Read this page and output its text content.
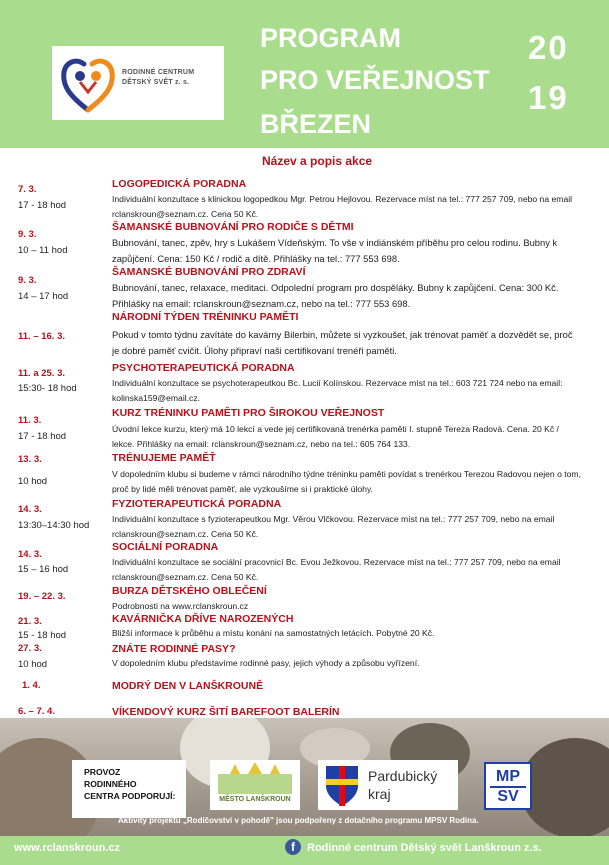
RODINNÉ CENTRUM
DĚTSKÝ SVĚT z. s.
PROGRAM
PRO VEŘEJNOST
BŘEZEN
20
19
Název a popis akce
7. 3.
17 - 18 hod
LOGOPEDICKÁ PORADNA
Individuální konzultace s klinickou logopedkou Mgr. Petrou Hejlovou. Rezervace míst na tel.: 777 257 709, nebo na email rclanskroun@seznam.cz. Cena 50 Kč.
9. 3.
10 – 11 hod
ŠAMANSKÉ BUBNOVÁNÍ PRO RODIČE S DĚTMI
Bubnování, tanec, zpěv, hry s Lukášem Vídeňským. To vše v indiánském příběhu pro celou rodinu. Bubny k zapůjčení. Cena: 150 Kč / rodič a dítě. Přihlášky na tel.: 777 553 698.
9. 3.
14 – 17 hod
ŠAMANSKÉ BUBNOVÁNÍ PRO ZDRAVÍ
Bubnování, tanec, relaxace, meditaci. Odpolední program pro dospěláky. Bubny k zapůjčení. Cena: 300 Kč. Přihlášky na email: rclanskroun@seznam.cz, nebo na tel.: 777 553 698.
11. – 16. 3.
NÁRODNÍ TÝDEN TRÉNINKU PAMĚTI
Pokud v tomto týdnu zavítáte do kavárny Bilerbin, můžete si vyzkoušet, jak trénovat paměť a dozvědět se, proč je dobré paměť cvičit. Úlohy připraví naši certifikovaní trenéři paměti.
11. a 25. 3.
15:30- 18 hod
PSYCHOTERAPEUTICKÁ PORADNA
Individuální konzultace se psychoterapeutkou Bc. Lucií Kolínskou. Rezervace míst na tel.: 603 721 724 nebo na email: kolinska159@email.cz.
11. 3.
17 - 18 hod
KURZ TRÉNINKU PAMĚTI PRO ŠIROKOU VEŘEJNOST
Úvodní lekce kurzu, který má 10 lekcí a vede jej certifikovaná trenérka paměti I. stupně Tereza Radová. Cena. 20 Kč / lekce. Přihlášky na email: rclanskroun@seznam.cz, nebo na tel.: 605 764 133.
13. 3.
10 hod
TRÉNUJEME PAMĚŤ
V dopoledním klubu si budeme v rámci národního týdne tréninku paměti povídat s trenérkou Terezou Radovou nejen o tom, proč by lidé měli trénovat paměť, ale vyzkoušíme si i praktické úlohy.
14. 3.
13:30–14:30 hod
FYZIOTERAPEUTICKÁ PORADNA
Individuální konzultace s fyzioterapeutkou Mgr. Věrou Vlčkovou. Rezervace míst na tel.: 777 257 709, nebo na email rclanskroun@seznam.cz. Cena 50 Kč.
14. 3.
15 – 16 hod
SOCIÁLNÍ PORADNA
Individuální konzultace se sociální pracovnicí Bc. Evou Ježkovou. Rezervace míst na tel.: 777 257 709, nebo na email rclanskroun@seznam.cz. Cena 50 Kč.
19. – 22. 3.	BURZA DĚTSKÉHO OBLEČENÍ
Podrobnosti na www.rclanskroun.cz
21. 3.
15 - 18 hod
KAVÁRNIČKA DŘÍVE NAROZENÝCH
Bližší informace k průběhu a místu konání na samostatných letácích. Pobytné 20 Kč.
27. 3.
10 hod
ZNÁTE RODINNÉ PASY?
V dopoledním klubu představíme rodinné pasy, jejich výhody a způsobu vyřízení.
1. 4.	MODRÝ DEN V LANŠKROUNĚ
6. – 7. 4.	VÍKENDOVÝ KURZ ŠITÍ BAREFOOT BALERÍN
PROVOZ
RODINNÉHO
CENTRA PODPORUJÍ:	MĚSTO LANŠKROUN
Pardubický
kraj
MP
SV
Aktivity projektu „Rodičovství v pohodě" jsou podpořeny z dotačního programu MPSV Rodina.
www.rclanskroun.cz	f	Rodinné centrum Dětský svět Lanškroun z.s.
